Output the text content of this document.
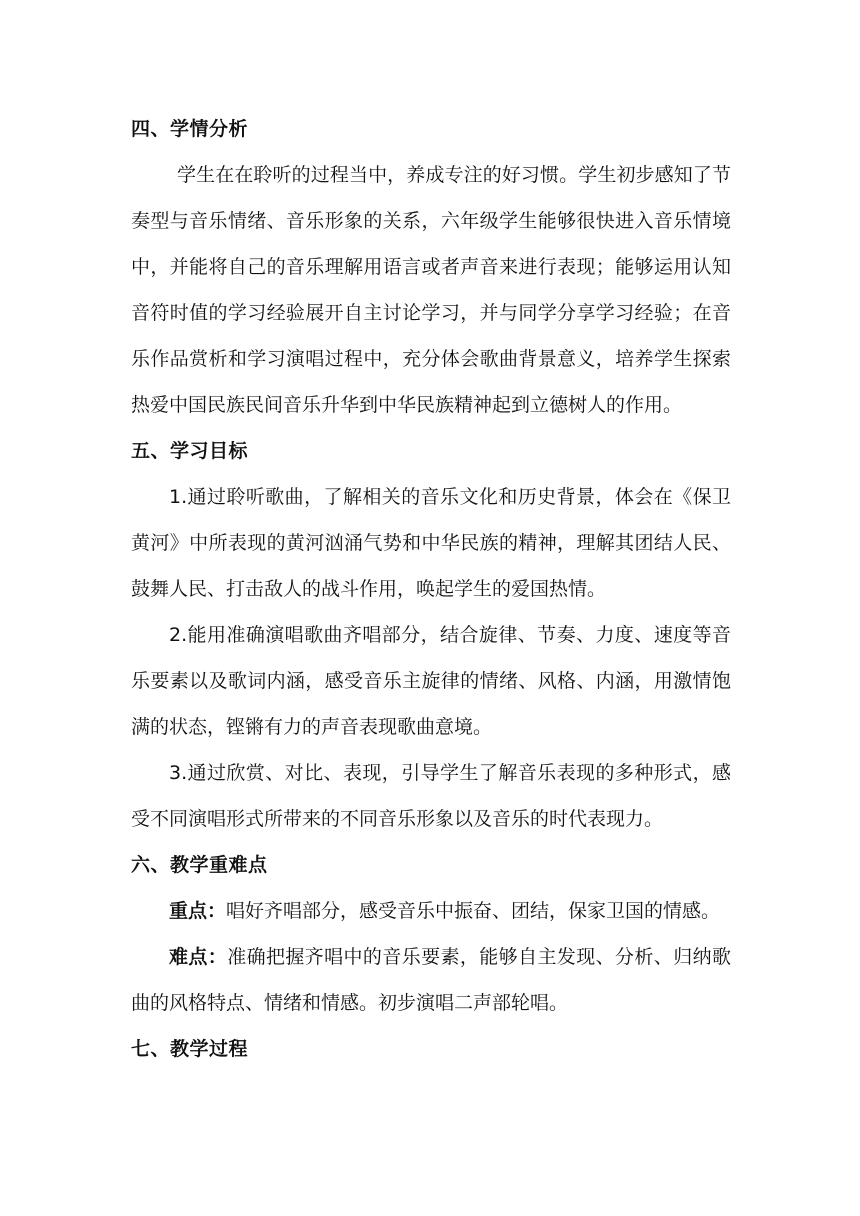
四、学情分析

学生在在聆听的过程当中，养成专注的好习惯。学生初步感知了节奏型与音乐情绪、音乐形象的关系，六年级学生能够很快进入音乐情境中，并能将自己的音乐理解用语言或者声音来进行表现；能够运用认知音符时值的学习经验展开自主讨论学习，并与同学分享学习经验；在音乐作品赏析和学习演唱过程中，充分体会歌曲背景意义，培养学生探索热爱中国民族民间音乐升华到中华民族精神起到立德树人的作用。

五、学习目标

1.通过聆听歌曲，了解相关的音乐文化和历史背景，体会在《保卫黄河》中所表现的黄河汹涌气势和中华民族的精神，理解其团结人民、鼓舞人民、打击敌人的战斗作用，唤起学生的爱国热情。

2.能用准确演唱歌曲齐唱部分，结合旋律、节奏、力度、速度等音乐要素以及歌词内涵，感受音乐主旋律的情绪、风格、内涵，用激情饱满的状态，铿锵有力的声音表现歌曲意境。

3.通过欣赏、对比、表现，引导学生了解音乐表现的多种形式，感受不同演唱形式所带来的不同音乐形象以及音乐的时代表现力。

六、教学重难点

重点：唱好齐唱部分，感受音乐中振奋、团结，保家卫国的情感。

难点：准确把握齐唱中的音乐要素，能够自主发现、分析、归纳歌曲的风格特点、情绪和情感。初步演唱二声部轮唱。

七、教学过程
